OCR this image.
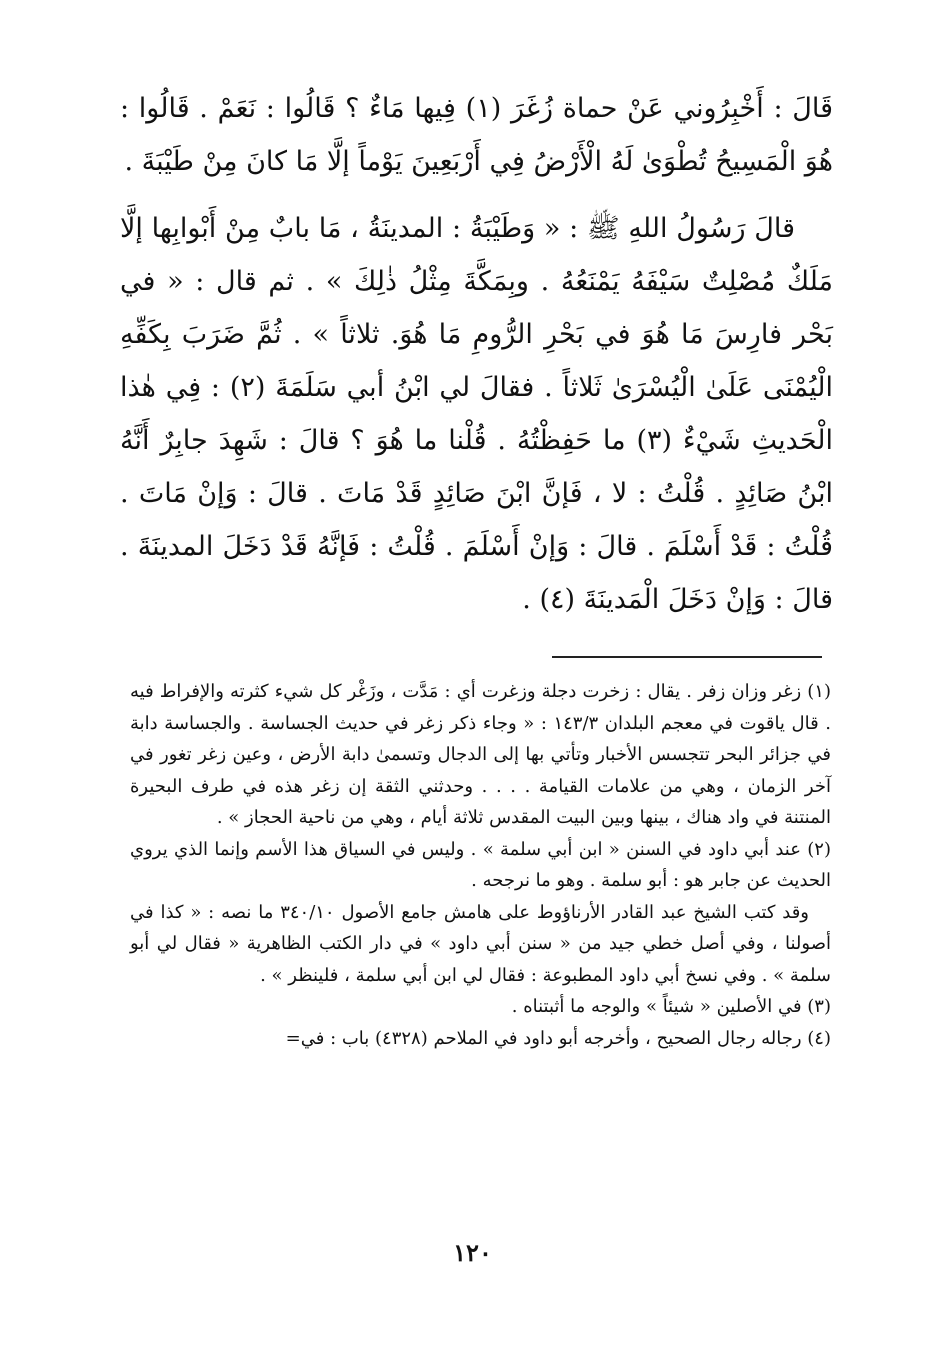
قَالَ : أَخْبِرُوني عَنْ حماة زُغَرَ (١) فِيها مَاءٌ ؟ قَالُوا : نَعَمْ . قَالُوا : هُوَ الْمَسِيحُ تُطْوَىٰ لَهُ الْأَرْضُ فِي أَرْبَعِينَ يَوْماً إلَّا مَا كانَ مِنْ طَيْبَةَ .

قالَ رَسُولُ اللهِ ﷺ : « وَطَيْبَةُ : المدينَةُ ، مَا بابٌ مِنْ أَبْوابِها إلَّا مَلَكٌ مُصْلِتٌ سَيْفَهُ يَمْنَعُهُ . وبِمَكَّةَ مِثْلُ ذٰلِكَ » . ثم قال : « في بَحْر فارِسَ مَا هُوَ في بَحْرِ الرُّومِ مَا هُوَ. ثلاثاً » . ثُمَّ ضَرَبَ بِكَفِّهِ الْيُمْنَى عَلَىٰ الْيُسْرَىٰ ثَلاثاً . فقالَ لي ابْنُ أبي سَلَمَةَ (٢) : فِي هٰذا الْحَديثِ شَيْءٌ (٣) ما حَفِظْتُهُ . قُلْنا ما هُوَ ؟ قالَ : شَهِدَ جابِرٌ أَنَّهُ ابْنُ صَائِدٍ . قُلْتُ : لا ، فَإنَّ ابْنَ صَائِدٍ قَدْ مَاتَ . قالَ : وَإنْ مَاتَ . قُلْتُ : قَدْ أَسْلَمَ . قالَ : وَإنْ أَسْلَمَ . قُلْتُ : فَإنَّهُ قَدْ دَخَلَ المدينَةَ . قالَ : وَإنْ دَخَلَ الْمَدينَةَ (٤) .

(١) زغر وزان زفر . يقال : زخرت دجلة وزغرت أي : مَدَّت ، وزَغْر كل شيء كثرته والإفراط فيه . قال ياقوت في معجم البلدان ١٤٣/٣ : « وجاء ذكر زغر في حديث الجساسة . والجساسة دابة في جزائر البحر تتجسس الأخبار وتأتي بها إلى الدجال وتسمىٰ دابة الأرض ، وعين زغر تغور في آخر الزمان ، وهي من علامات القيامة . . . . وحدثني الثقة إن زغر هذه في طرف البحيرة المنتنة في واد هناك ، بينها وبين البيت المقدس ثلاثة أيام ، وهي من ناحية الحجاز » .

(٢) عند أبي داود في السنن « ابن أبي سلمة » . وليس في السياق هذا الأسم وإنما الذي يروي الحديث عن جابر هو : أبو سلمة . وهو ما نرجحه .

وقد كتب الشيخ عبد القادر الأرناؤوط على هامش جامع الأصول ٣٤٠/١٠ ما نصه : « كذا في أصولنا ، وفي أصل خطي جيد من « سنن أبي داود » في دار الكتب الظاهرية « فقال لي أبو سلمة » . وفي نسخ أبي داود المطبوعة : فقال لي ابن أبي سلمة ، فلينظر » .

(٣) في الأصلين « شيئاً » والوجه ما أثبتناه .

(٤) رجاله رجال الصحيح ، وأخرجه أبو داود في الملاحم (٤٣٢٨) باب : في=

١٢٠
